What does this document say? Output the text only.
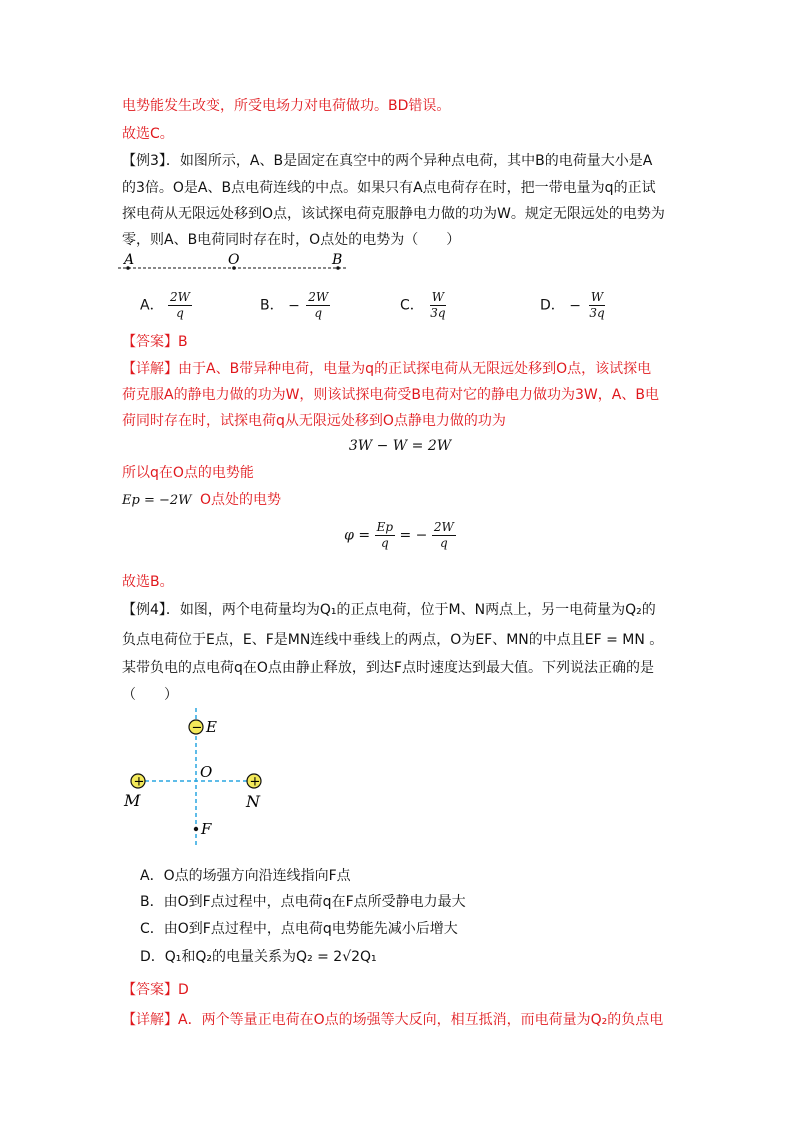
电势能发生改变，所受电场力对电荷做功。BD错误。
故选C。
【例3】．如图所示，A、B是固定在真空中的两个异种点电荷，其中B的电荷量大小是A
的3倍。O是A、B点电荷连线的中点。如果只有A点电荷存在时，把一带电量为q的正试
探电荷从无限远处移到O点，该试探电荷克服静电力做的功为W。规定无限远处的电势为
零，则A、B电荷同时存在时，O点处的电势为（　　）
A	O	B
A． $\frac{2W}{q}$	B． − $\frac{2W}{q}$	C． $\frac{W}{3q}$	D． − $\frac{W}{3q}$
【答案】B
【详解】由于A、B带异种电荷，电量为q的正试探电荷从无限远处移到O点，该试探电
荷克服A的静电力做的功为W，则该试探电荷受B电荷对它的静电力做功为3W，A、B电
荷同时存在时，试探电荷q从无限远处移到O点静电力做的功为
3W − W = 2W
所以q在O点的电势能
Ep = −2W O点处的电势
$\varphi = \frac{Ep}{q}$ = − $\frac{2W}{q}$
故选B。
【例4】．如图，两个电荷量均为Q₁的正点电荷，位于M、N两点上，另一电荷量为Q₂的
负点电荷位于E点，E、F是MN连线中垂线上的两点，O为EF、MN的中点且EF = MN 。
某带负电的点电荷q在O点由静止释放，到达F点时速度达到最大值。下列说法正确的是
（　　）
− E
+
M
+
N
O
F
A．O点的场强方向沿连线指向F点
B．由O到F点过程中，点电荷q在F点所受静电力最大
C．由O到F点过程中，点电荷q电势能先减小后增大
D．Q₁和Q₂的电量关系为Q₂ = 2√2Q₁
【答案】D
【详解】A．两个等量正电荷在O点的场强等大反向，相互抵消，而电荷量为Q₂的负点电
